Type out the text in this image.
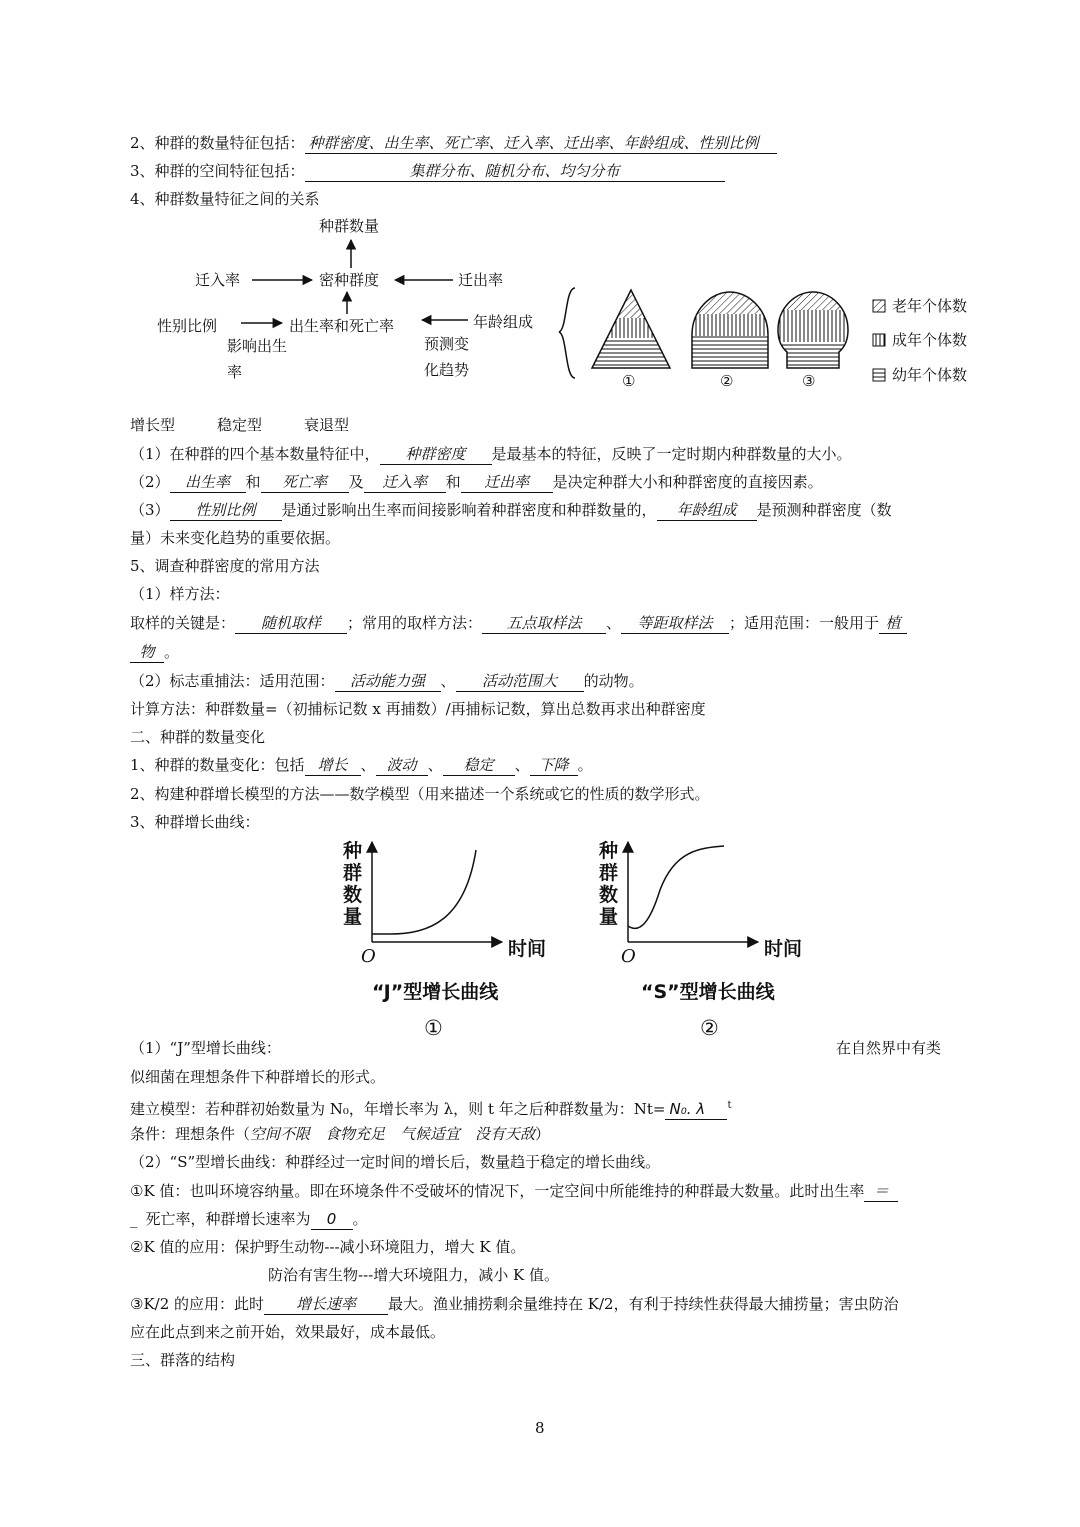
2、种群的数量特征包括： 种群密度、出生率、死亡率、迁入率、迁出率、年龄组成、性别比例
3、种群的空间特征包括：	集群分布、随机分布、均匀分布
4、种群数量特征之间的关系
种群数量
密种群度
迁入率	迁出率
性别比例	出生率和死亡率	年龄组成
影响出生
率
预测变
化趋势
①	②	③
老年个体数
成年个体数
幼年个体数
增长型	稳定型	衰退型
（1）在种群的四个基本数量特征中， 种群密度 是最基本的特征，反映了一定时期内种群数量的大小。
（2） 出生率 和 死亡率 及 迁入率 和 迁出率 是决定种群大小和种群密度的直接因素。
（3） 性别比例 是通过影响出生率而间接影响着种群密度和种群数量的， 年龄组成 是预测种群密度（数
量）未来变化趋势的重要依据。
5、调查种群密度的常用方法
（1）样方法：
取样的关键是： 随机取样 ；常用的取样方法： 五点取样法 、 等距取样法 ；适用范围：一般用于 植
物 。
（2）标志重捕法：适用范围： 活动能力强 、 活动范围大 的动物。
计算方法：种群数量=（初捕标记数 x 再捕数）/再捕标记数，算出总数再求出种群密度
二、种群的数量变化
1、种群的数量变化：包括 增长 、 波动 、 稳定 、 下降 。
2、构建种群增长模型的方法——数学模型（用来描述一个系统或它的性质的数学形式。
3、种群增长曲线：
种群数量
时间
O
“J”型增长曲线
①
种群数量
时间
O
“S”型增长曲线
②
（1）“J”型增长曲线：	在自然界中有类
似细菌在理想条件下种群增长的形式。
建立模型：若种群初始数量为 N₀，年增长率为 λ，则 t 年之后种群数量为：Nt= N₀. λ $^t$
条件：理想条件（空间不限　食物充足　气候适宜　没有天敌）
（2）“S”型增长曲线：种群经过一定时间的增长后，数量趋于稳定的增长曲线。
①K 值：也叫环境容纳量。即在环境条件不受破坏的情况下，一定空间中所能维持的种群最大数量。此时出生率 ＝
_ 死亡率，种群增长速率为 0 。
②K 值的应用：保护野生动物---减小环境阻力，增大 K 值。
防治有害生物---增大环境阻力，减小 K 值。
③K/2 的应用：此时 增长速率 最大。渔业捕捞剩余量维持在 K/2，有利于持续性获得最大捕捞量；害虫防治
应在此点到来之前开始，效果最好，成本最低。
三、群落的结构
8
